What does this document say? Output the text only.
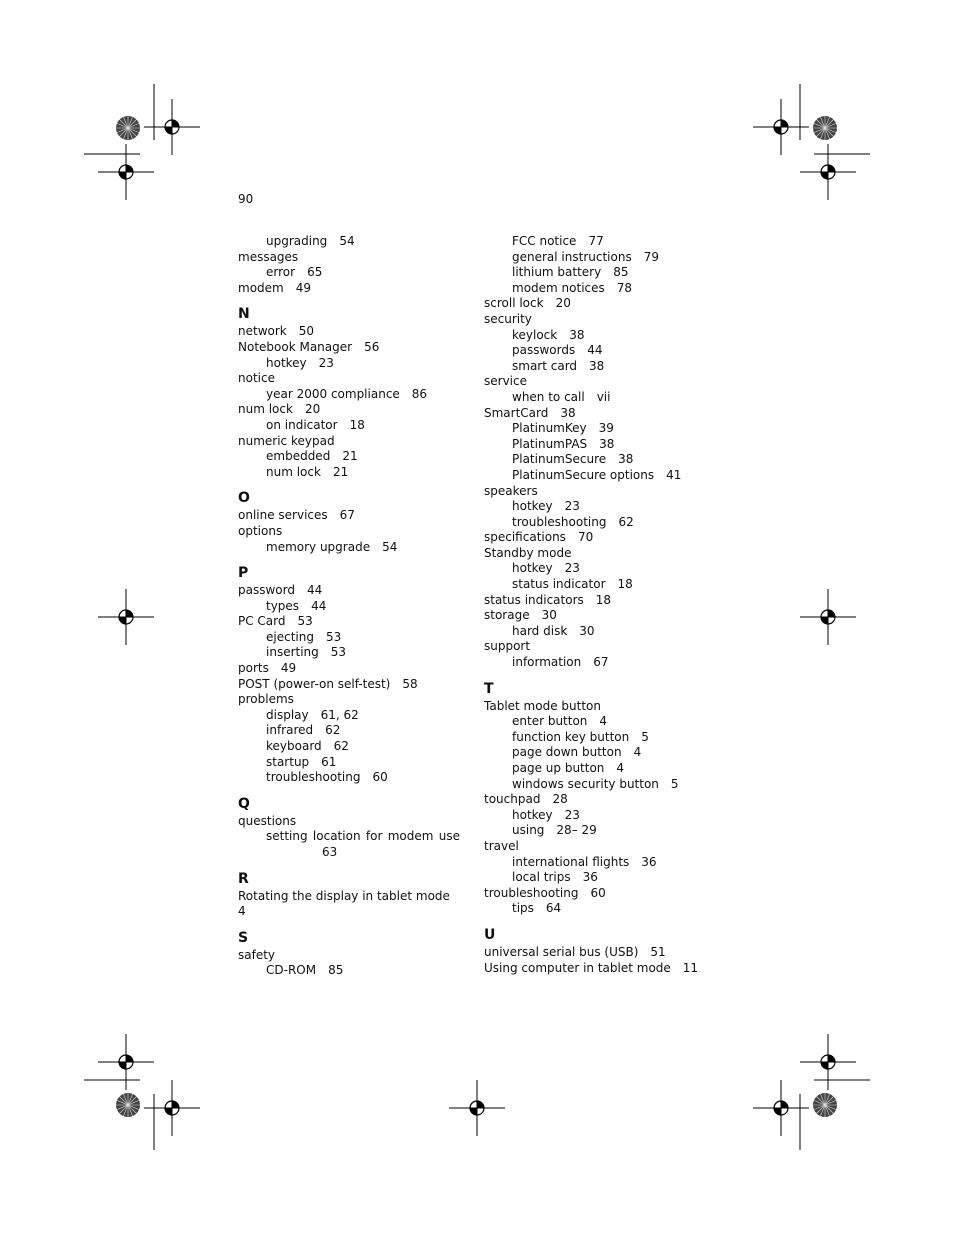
90
upgrading 54
messages
error 65
modem 49
N
network 50
Notebook Manager 56
hotkey 23
notice
year 2000 compliance 86
num lock 20
on indicator 18
numeric keypad
embedded 21
num lock 21
O
online services 67
options
memory upgrade 54
P
password 44
types 44
PC Card 53
ejecting 53
inserting 53
ports 49
POST (power-on self-test) 58
problems
display 61, 62
infrared 62
keyboard 62
startup 61
troubleshooting 60
Q
questions
setting location for modem use
63
R
Rotating the display in tablet mode
4
S
safety
CD-ROM 85
FCC notice 77
general instructions 79
lithium battery 85
modem notices 78
scroll lock 20
security
keylock 38
passwords 44
smart card 38
service
when to call vii
SmartCard 38
PlatinumKey 39
PlatinumPAS 38
PlatinumSecure 38
PlatinumSecure options 41
speakers
hotkey 23
troubleshooting 62
specifications 70
Standby mode
hotkey 23
status indicator 18
status indicators 18
storage 30
hard disk 30
support
information 67
T
Tablet mode button
enter button 4
function key button 5
page down button 4
page up button 4
windows security button 5
touchpad 28
hotkey 23
using 28– 29
travel
international flights 36
local trips 36
troubleshooting 60
tips 64
U
universal serial bus (USB) 51
Using computer in tablet mode 11
